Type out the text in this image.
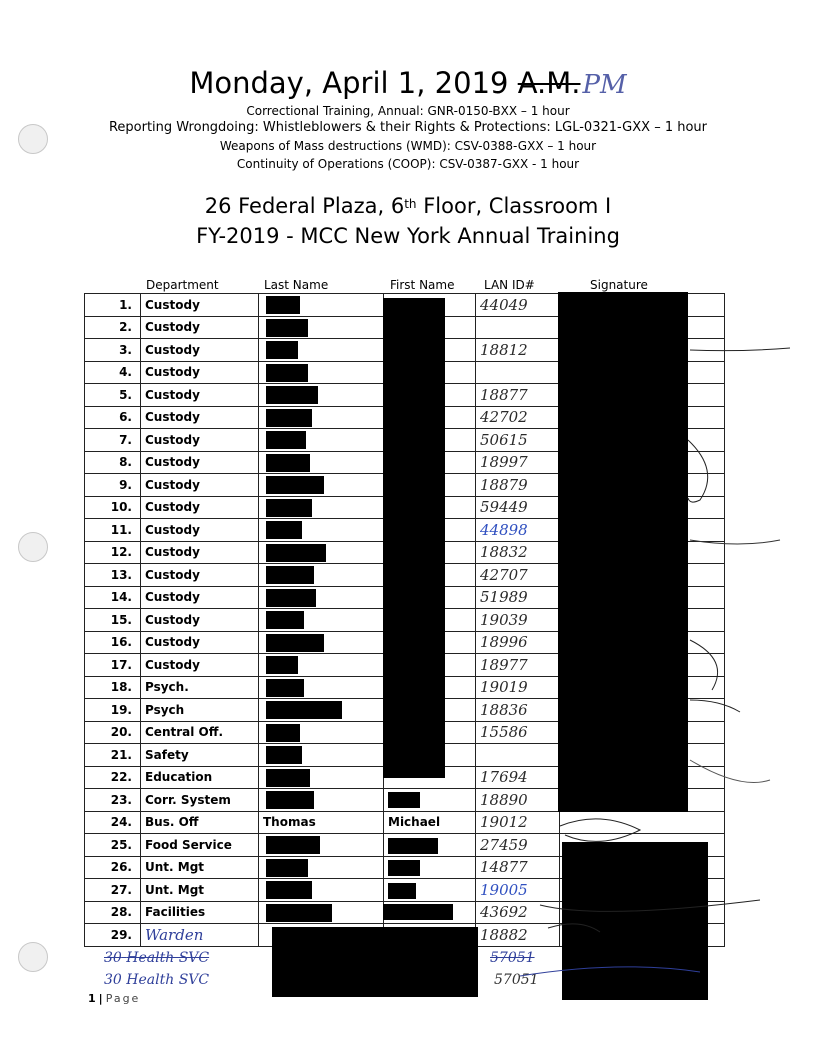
Monday, April 1, 2019 A.M.PM
Correctional Training, Annual: GNR-0150-BXX – 1 hour
Reporting Wrongdoing: Whistleblowers & their Rights & Protections: LGL-0321-GXX – 1 hour
Weapons of Mass destructions (WMD): CSV-0388-GXX – 1 hour
Continuity of Operations (COOP): CSV-0387-GXX - 1 hour
26 Federal Plaza, 6th Floor, Classroom I
FY-2019 - MCC New York Annual Training
Department	Last Name	First Name LAN ID#	Signature
1.	Custody			44049	
2.	Custody				
3.	Custody			18812	
4.	Custody				
5.	Custody			18877	
6.	Custody			42702	
7.	Custody			50615	
8.	Custody			18997	
9.	Custody			18879	
10.	Custody			59449	
11.	Custody			44898	
12.	Custody			18832	
13.	Custody			42707	
14.	Custody			51989	
15.	Custody			19039	
16.	Custody			18996	
17.	Custody			18977	
18.	Psych.			19019	
19.	Psych			18836	
20.	Central Off.			15586	
21.	Safety				
22.	Education			17694	
23.	Corr. System			18890	
24.	Bus. Off	Thomas	Michael	19012	
25.	Food Service			27459	
26.	Unt. Mgt			14877	
27.	Unt. Mgt			19005	
28.	Facilities			43692	
29.	Warden			18882	
30 Health SVC	57051
30 Health SVC	57051
1 | Page
